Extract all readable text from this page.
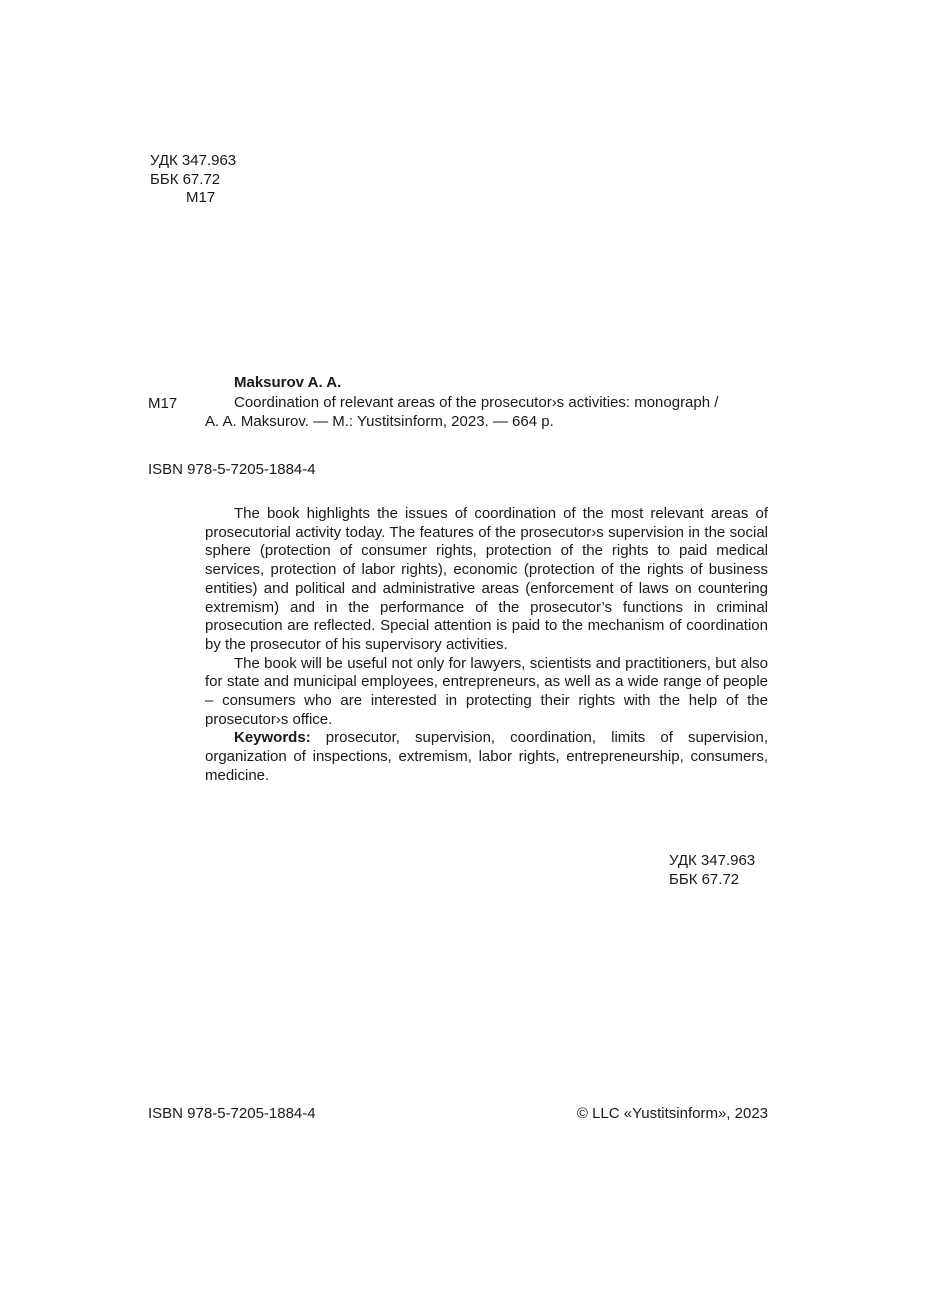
УДК 347.963
ББК 67.72
М17
Maksurov A. A.
M17	Coordination of relevant areas of the prosecutor›s activities: monograph /
A. A. Maksurov. — M.: Yustitsinform, 2023. — 664 p.
ISBN 978-5-7205-1884-4

The book highlights the issues of coordination of the most relevant areas of prosecutorial activity today. The features of the prosecutor›s supervision in the social sphere (protection of consumer rights, protection of the rights to paid medical services, protection of labor rights), economic (protection of the rights of business entities) and political and administrative areas (enforcement of laws on countering extremism) and in the performance of the prosecutor’s functions in criminal prosecution are reflected. Special attention is paid to the mechanism of coordination by the prosecutor of his supervisory activities.

The book will be useful not only for lawyers, scientists and practitioners, but also for state and municipal employees, entrepreneurs, as well as a wide range of people – consumers who are interested in protecting their rights with the help of the prosecutor›s office.

Keywords: prosecutor, supervision, coordination, limits of supervision, organization of inspections, extremism, labor rights, entrepreneurship, consumers, medicine.

УДК 347.963
ББК 67.72
ISBN 978-5-7205-1884-4	© LLC «Yustitsinform», 2023
